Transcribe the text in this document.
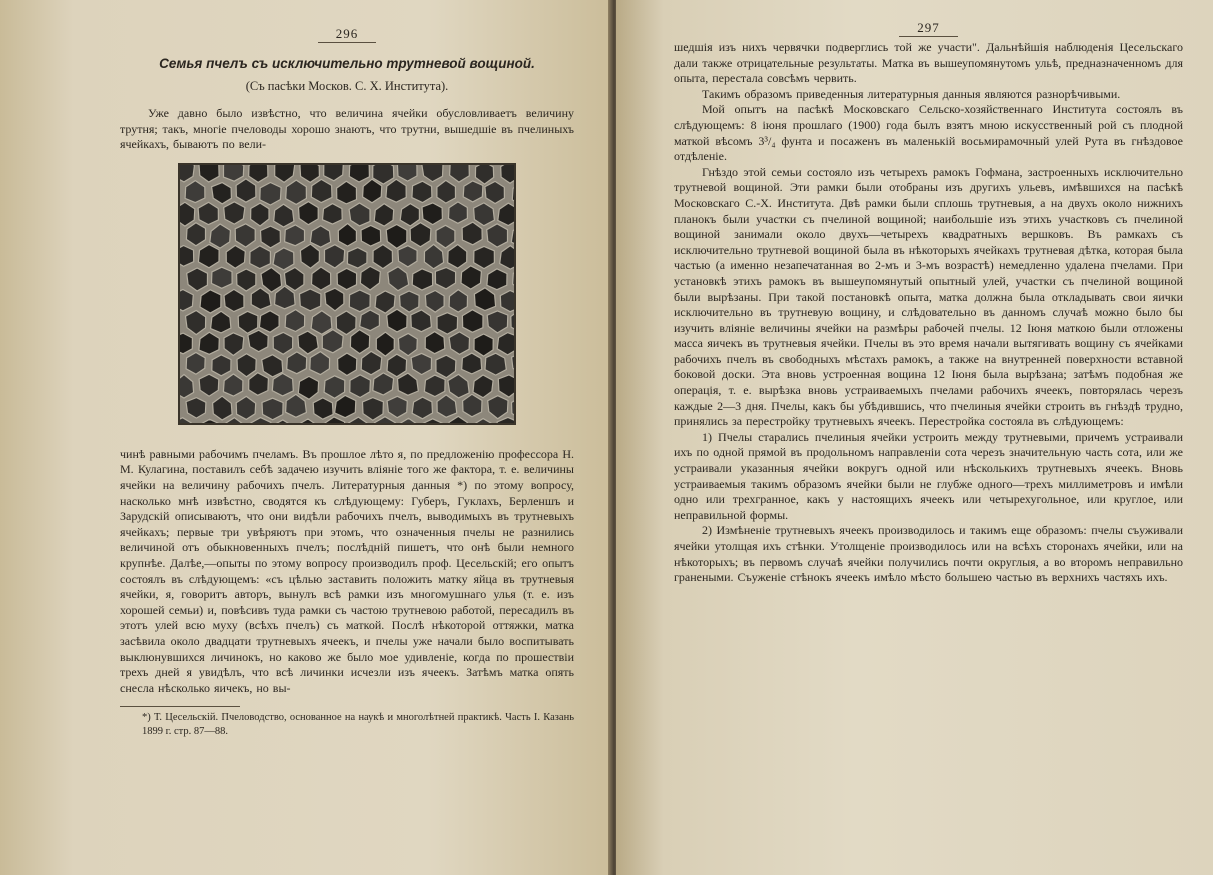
296
Семья пчелъ съ исключительно трутневой вощиной.
(Съ пасѣки Москов. С. Х. Института).

Уже давно было извѣстно, что величина ячейки обусловливаетъ величину трутня; такъ, многiе пчеловоды хорошо знаютъ, что трутни, вышедшiе въ пчелиныхъ ячейкахъ, бываютъ по вели-

чинѣ равными рабочимъ пчеламъ. Въ прошлое лѣто я, по предложенiю профессора Н. М. Кулагина, поставилъ себѣ задачею изучить влiянiе того же фактора, т. е. величины ячейки на величину рабочихъ пчелъ. Литературныя данныя *) по этому вопросу, насколько мнѣ извѣстно, сводятся къ слѣдующему: Губеръ, Гуклахъ, Берленшъ и Зарудскiй описываютъ, что они видѣли рабочихъ пчелъ, выводимыхъ въ трутневыхъ ячейкахъ; первые три увѣряютъ при этомъ, что означенныя пчелы не разнились величиной отъ обыкновенныхъ пчелъ; послѣднiй пишетъ, что онѣ были немного крупнѣе. Далѣе,—опыты по этому вопросу производилъ проф. Цесельскiй; его опытъ состоялъ въ слѣдующемъ: «съ цѣлью заставить положить матку яйца въ трутневыя ячейки, я, говоритъ авторъ, вынулъ всѣ рамки изъ многомушнаго улья (т. е. изъ хорошей семьи) и, повѣсивъ туда рамки съ частою трутневою работой, пересадилъ въ этотъ улей всю муху (всѣхъ пчелъ) съ маткой. Послѣ нѣкоторой оттяжки, матка засѣвила около двадцати трутневыхъ ячеекъ, и пчелы уже начали было воспитывать выклюнувшихся личинокъ, но каково же было мое удивленiе, когда по прошествiи трехъ дней я увидѣлъ, что всѣ личинки исчезли изъ ячеекъ. Затѣмъ матка опять снесла нѣсколько яичекъ, но вы-

*) Т. Цесельскiй. Пчеловодство, основанное на наукѣ и многолѣтней практикѣ. Часть I. Казань 1899 г. стр. 87—88.

297

шедшiя изъ нихъ червячки подверглись той же участи". Дальнѣйшiя наблюденiя Цесельскаго дали также отрицательные результаты. Матка въ вышеупомянутомъ ульѣ, предназначенномъ для опыта, перестала совсѣмъ червить.

Такимъ образомъ приведенныя литературныя данныя являются разнорѣчивыми.

Мой опытъ на пасѣкѣ Московскаго Сельско-хозяйственнаго Института состоялъ въ слѣдующемъ: 8 iюня прошлаго (1900) года былъ взятъ мною искусственный рой съ плодной маткой вѣсомъ 3³/₄ фунта и посаженъ въ маленькiй восьмирамочный улей Рута въ гнѣздовое отдѣленiе.

Гнѣздо этой семьи состояло изъ четырехъ рамокъ Гофмана, застроенныхъ исключительно трутневой вощиной. Эти рамки были отобраны изъ другихъ ульевъ, имѣвшихся на пасѣкѣ Московскаго С.-Х. Института. Двѣ рамки были сплошь трутневыя, а на двухъ около нижнихъ планокъ были участки съ пчелиной вощиной; наибольшiе изъ этихъ участковъ съ пчелиной вощиной занимали около двухъ—четырехъ квадратныхъ вершковъ. Въ рамкахъ съ исключительно трутневой вощиной была въ нѣкоторыхъ ячейкахъ трутневая дѣтка, которая была частью (а именно незапечатанная во 2-мъ и 3-мъ возрастѣ) немедленно удалена пчелами. При установкѣ этихъ рамокъ въ вышеупомянутый опытный улей, участки съ пчелиной вощиной были вырѣзаны. При такой постановкѣ опыта, матка должна была откладывать свои яички исключительно въ трутневую вощину, и слѣдовательно въ данномъ случаѣ можно было бы изучить влiянiе величины ячейки на размѣры рабочей пчелы. 12 Iюня маткою были отложены масса яичекъ въ трутневыя ячейки. Пчелы въ это время начали вытягивать вощину съ ячейками рабочихъ пчелъ въ свободныхъ мѣстахъ рамокъ, а также на внутренней поверхности вставной боковой доски. Эта вновь устроенная вощина 12 Iюня была вырѣзана; затѣмъ подобная же операцiя, т. е. вырѣзка вновь устраиваемыхъ пчелами рабочихъ ячеекъ, повторялась черезъ каждые 2—3 дня. Пчелы, какъ бы убѣдившись, что пчелиныя ячейки строить въ гнѣздѣ трудно, принялись за перестройку трутневыхъ ячеекъ. Перестройка состояла въ слѣдующемъ:

1) Пчелы старались пчелиныя ячейки устроить между трутневыми, причемъ устраивали ихъ по одной прямой въ продольномъ направленiи сота черезъ значительную часть сота, или же устраивали указанныя ячейки вокругъ одной или нѣсколькихъ трутневыхъ ячеекъ. Вновь устраиваемыя такимъ образомъ ячейки были не глубже одного—трехъ миллиметровъ и имѣли одно или трехгранное, какъ у настоящихъ ячеекъ или четырехугольное, или круглое, или неправильной формы.

2) Измѣненiе трутневыхъ ячеекъ производилось и такимъ еще образомъ: пчелы съуживали ячейки утолщая ихъ стѣнки. Утолщенiе производилось или на всѣхъ сторонахъ ячейки, или на нѣкоторыхъ; въ первомъ случаѣ ячейки получились почти округлыя, а во второмъ неправильно гранеными. Съуженiе стѣнокъ ячеекъ имѣло мѣсто большею частью въ верхнихъ частяхъ ихъ.
